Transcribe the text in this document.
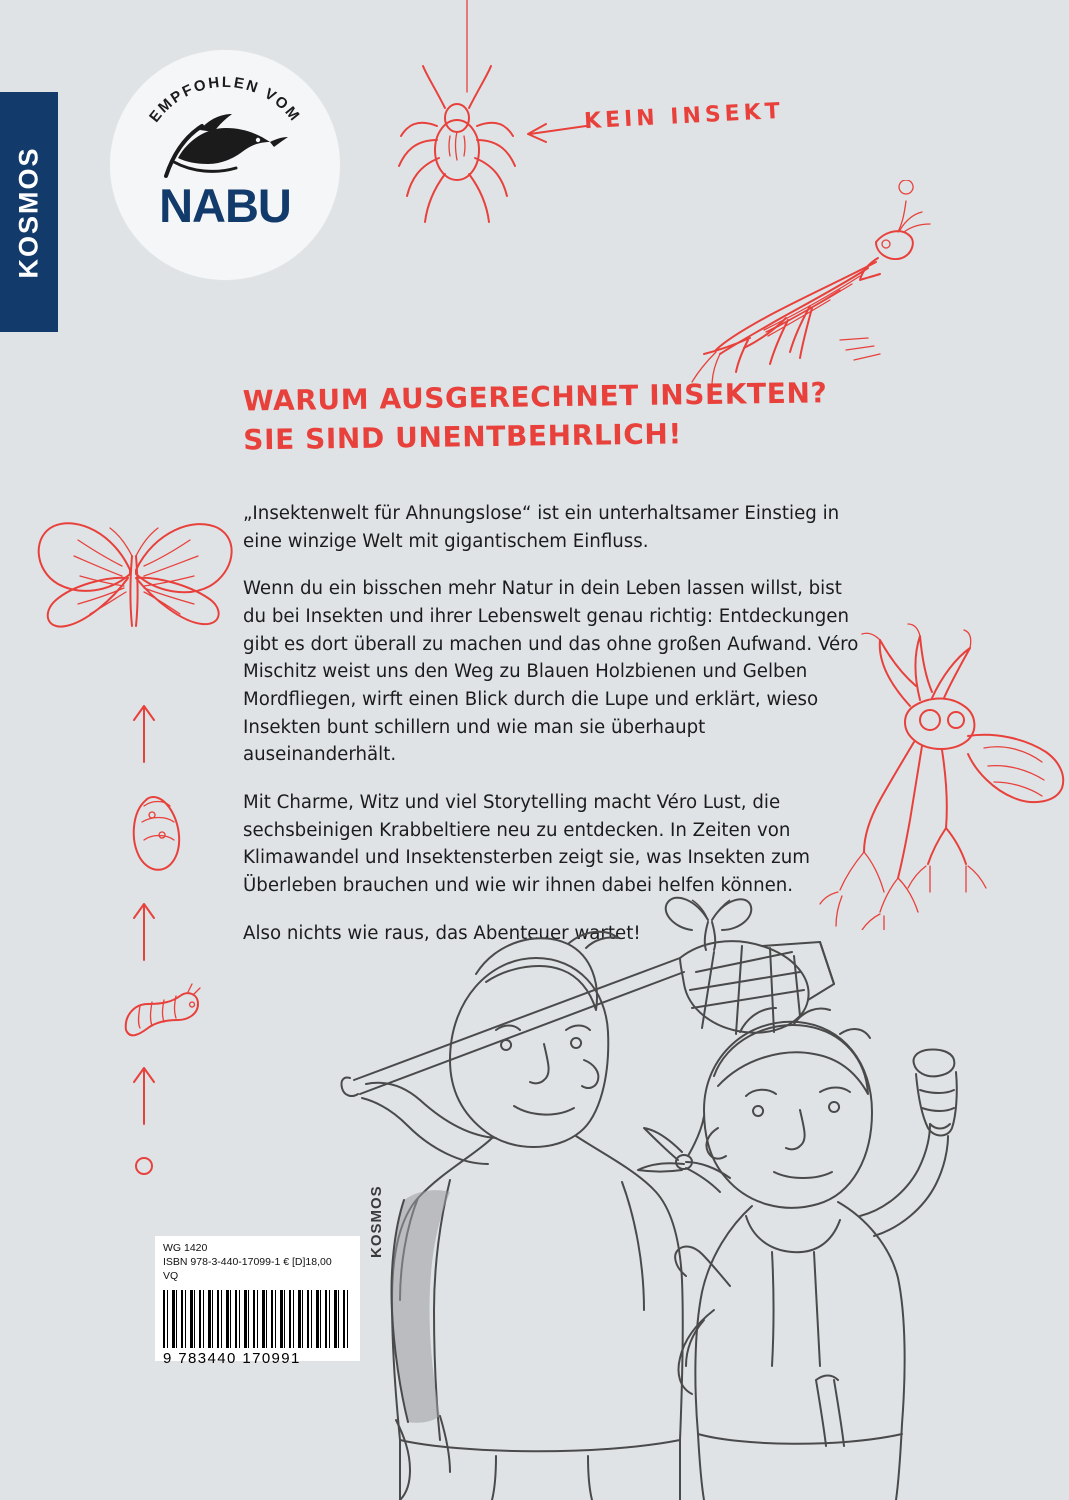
KOSMOS
EMPFOHLEN VOM
NABU
KEIN INSEKT
WARUM AUSGERECHNET INSEKTEN?
SIE SIND UNENTBEHRLICH!

„Insektenwelt für Ahnungslose“ ist ein unterhaltsamer Einstieg in eine winzige Welt mit gigantischem Einfluss.

Wenn du ein bisschen mehr Natur in dein Leben lassen willst, bist du bei Insekten und ihrer Lebenswelt genau richtig: Entdeckungen gibt es dort überall zu machen und das ohne großen Aufwand. Véro Mischitz weist uns den Weg zu Blauen Holzbienen und Gelben Mordfliegen, wirft einen Blick durch die Lupe und erklärt, wieso Insekten bunt schillern und wie man sie überhaupt auseinanderhält.

Mit Charme, Witz und viel Storytelling macht Véro Lust, die sechsbeinigen Krabbeltiere neu zu entdecken. In Zeiten von Klimawandel und Insektensterben zeigt sie, was Insekten zum Überleben brauchen und wie wir ihnen dabei helfen können.

Also nichts wie raus, das Abenteuer wartet!

WG 1420
ISBN 978-3-440-17099-1 € [D]18,00
VQ
9 783440 170991
KOSMOS
